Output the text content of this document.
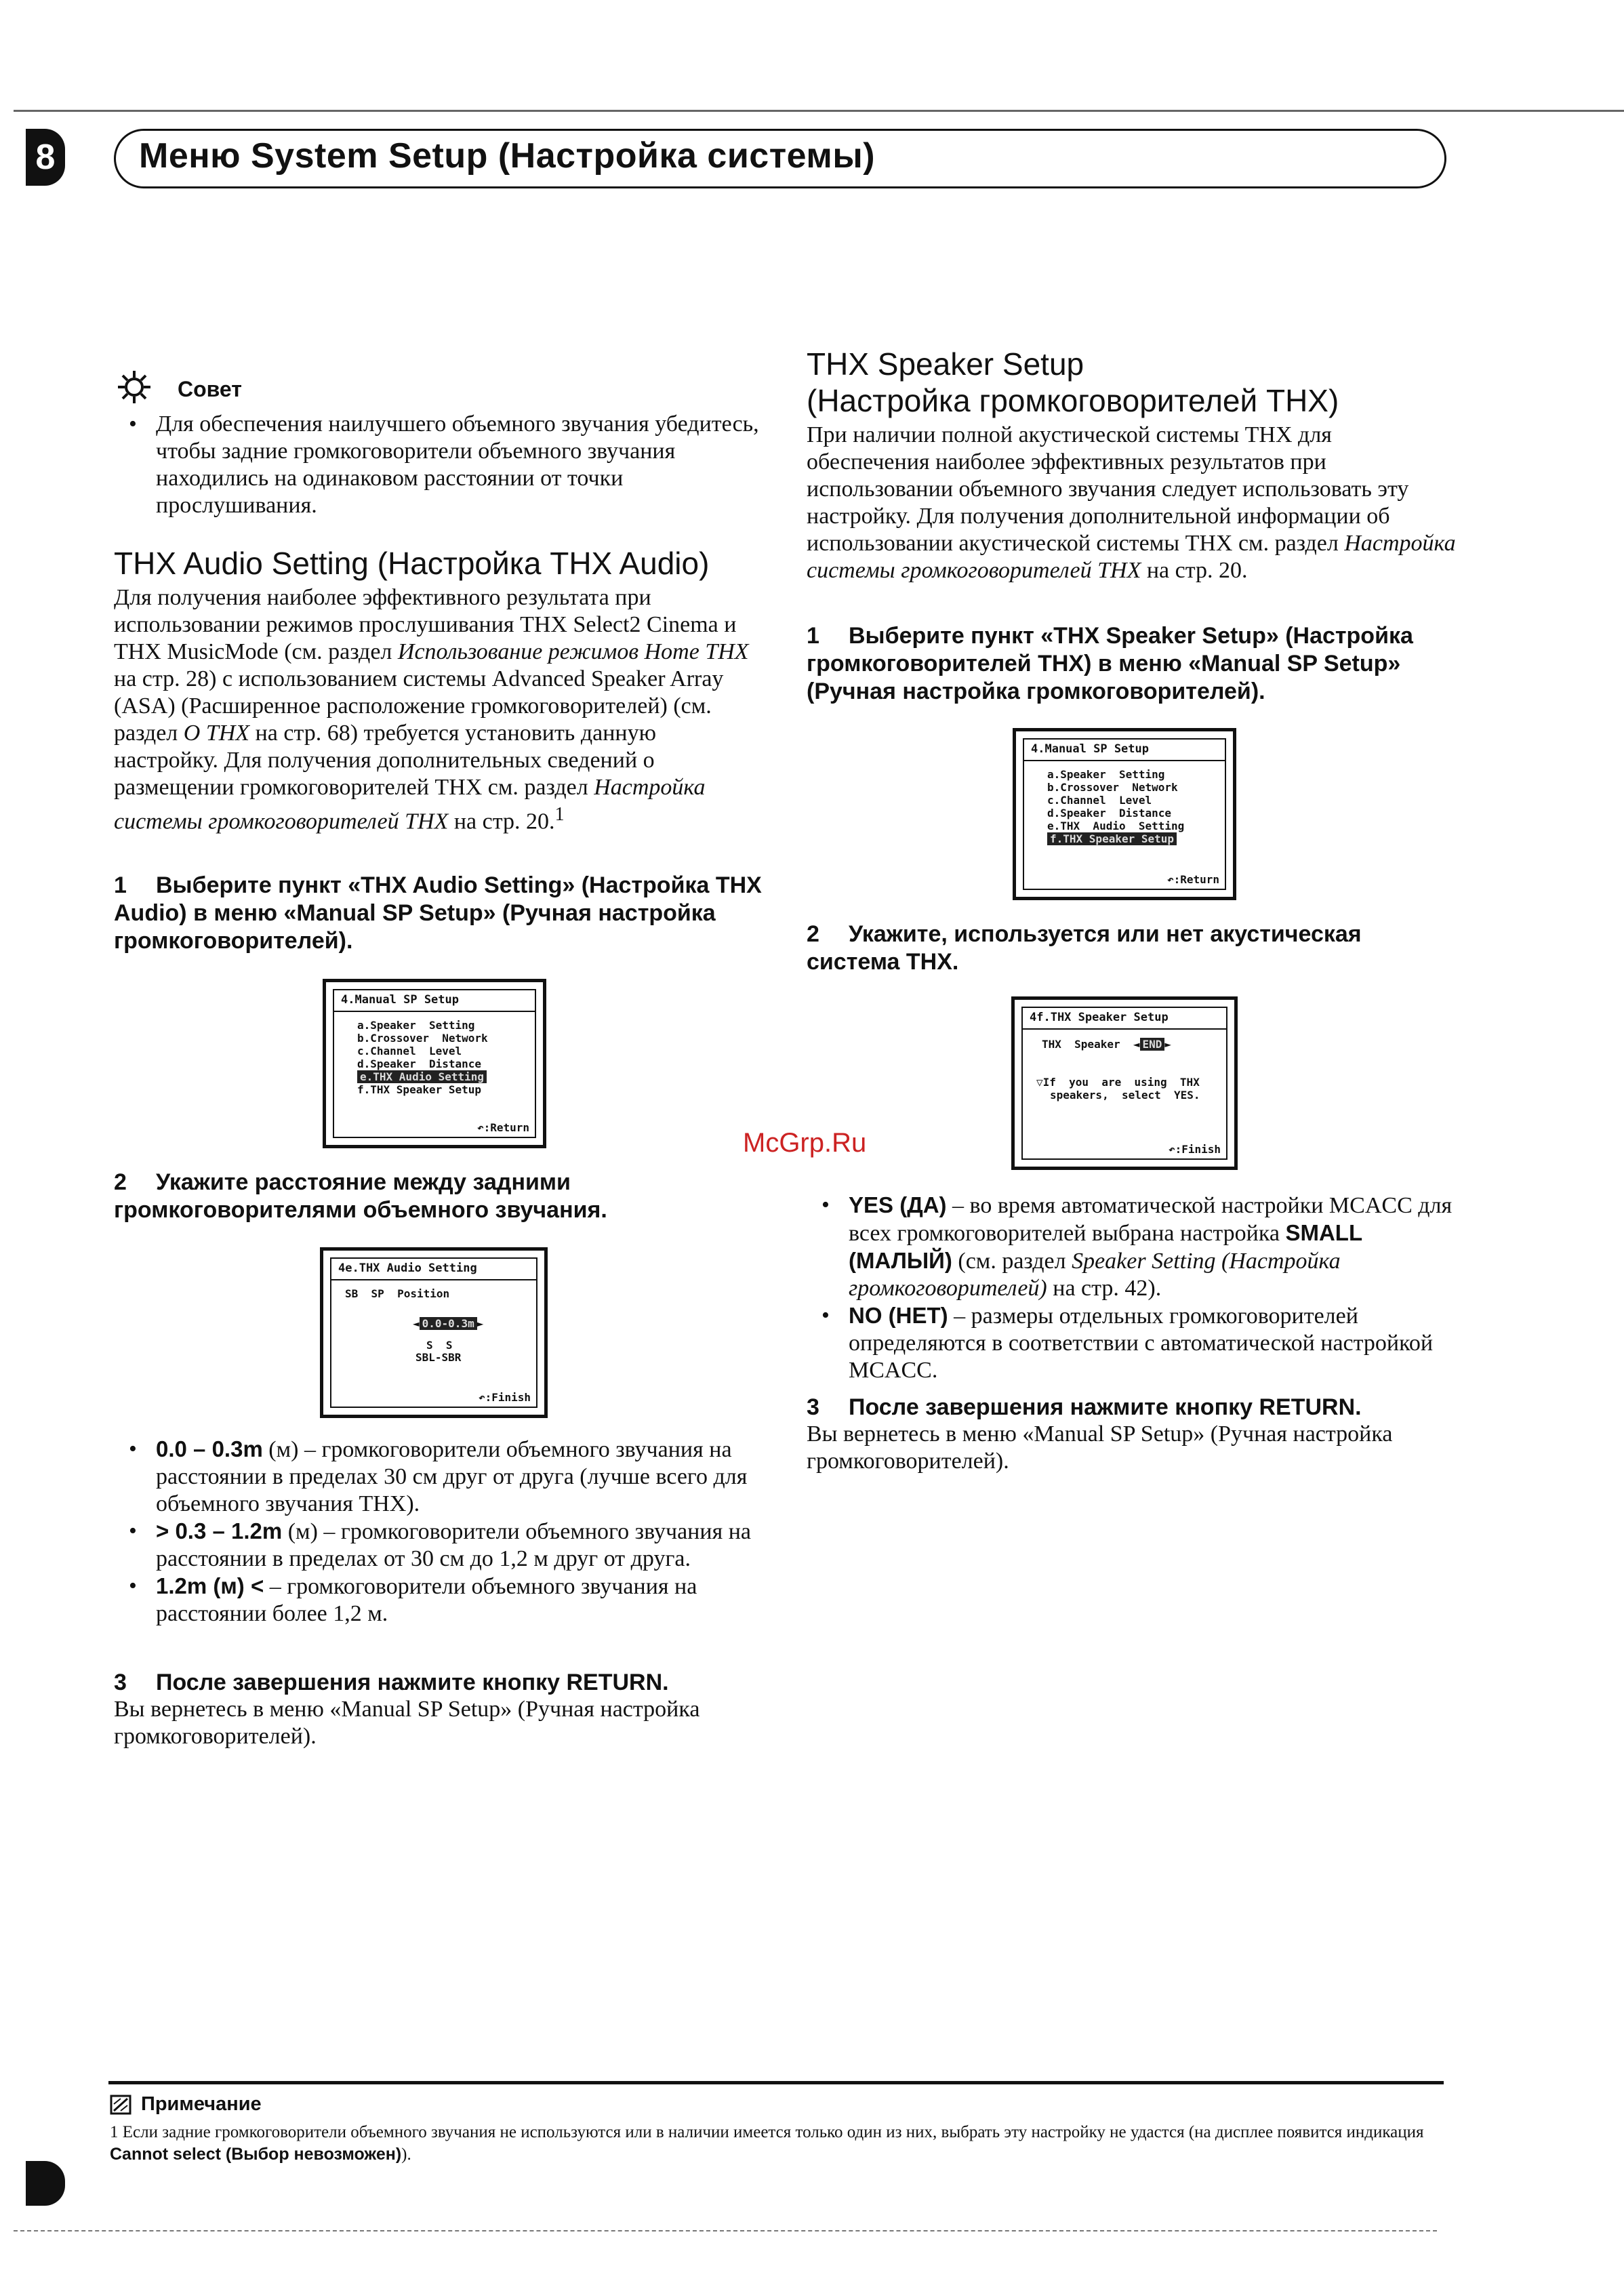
8 Меню System Setup (Настройка системы)
Совет
• Для обеспечения наилучшего объемного звучания убедитесь, чтобы задние громкоговорители объемного звучания находились на одинаковом расстоянии от точки прослушивания.
THX Audio Setting (Настройка THX Audio)
Для получения наиболее эффективного результата при использовании режимов прослушивания THX Select2 Cinema и THX MusicMode (см. раздел Использование режимов Home THX на стр. 28) с использованием системы Advanced Speaker Array (ASA) (Расширенное расположение громкоговорителей) (см. раздел О THX на стр. 68) требуется установить данную настройку. Для получения дополнительных сведений о размещении громкоговорителей THX см. раздел Настройка системы громкоговорителей THX на стр. 20.$^1$
1 Выберите пункт «THX Audio Setting» (Настройка THX Audio) в меню «Manual SP Setup» (Ручная настройка громкоговорителей).
4.Manual SP Setup
a.Speaker  Setting
b.Crossover  Network
c.Channel  Level
d.Speaker  Distance
e.THX Audio Setting
f.THX Speaker Setup
↶:Return
2 Укажите расстояние между задними громкоговорителями объемного звучания.
4e.THX Audio Setting
SB  SP  Position
◄ 0.0-0.3m ►
S  S
SBL-SBR
↶:Finish
• 0.0 – 0.3m (м) – громкоговорители объемного звучания на расстоянии в пределах 30 см друг от друга (лучше всего для объемного звучания THX).
• > 0.3 – 1.2m (м) – громкоговорители объемного звучания на расстоянии в пределах от 30 см до 1,2 м друг от друга.
• 1.2m (м) < – громкоговорители объемного звучания на расстоянии более 1,2 м.
3 После завершения нажмите кнопку RETURN.
Вы вернетесь в меню «Manual SP Setup» (Ручная настройка громкоговорителей).
THX Speaker Setup
(Настройка громкоговорителей THX)
При наличии полной акустической системы THX для обеспечения наиболее эффективных результатов при использовании объемного звучания следует использовать эту настройку. Для получения дополнительной информации об использовании акустической системы THX см. раздел Настройка системы громкоговорителей THX на стр. 20.
1 Выберите пункт «THX Speaker Setup» (Настройка громкоговорителей THX) в меню «Manual SP Setup» (Ручная настройка громкоговорителей).
4.Manual SP Setup
a.Speaker  Setting
b.Crossover  Network
c.Channel  Level
d.Speaker  Distance
e.THX  Audio  Setting
f.THX Speaker Setup
↶:Return
2 Укажите, используется или нет акустическая система THX.
4f.THX Speaker Setup
THX  Speaker  ◄ END ►
▽If  you  are  using  THX
speakers,  select  YES.
↶:Finish
McGrp.Ru
• YES (ДА) – во время автоматической настройки MCACC для всех громкоговорителей выбрана настройка SMALL (МАЛЫЙ) (см. раздел Speaker Setting (Настройка громкоговорителей) на стр. 42).
• NO (НЕТ) – размеры отдельных громкоговорителей определяются в соответствии с автоматической настройкой MCACC.
3 После завершения нажмите кнопку RETURN.
Вы вернетесь в меню «Manual SP Setup» (Ручная настройка громкоговорителей).
Примечание
1 Если задние громкоговорители объемного звучания не используются или в наличии имеется только один из них, выбрать эту настройку не удастся (на дисплее появится индикация Cannot select (Выбор невозможен)).
